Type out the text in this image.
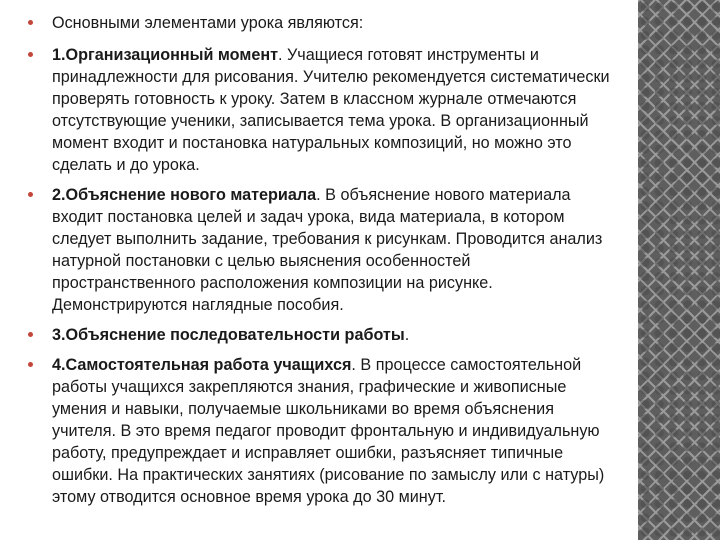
Основными элементами урока являются:
1.Организационный момент. Учащиеся готовят инструменты и принадлежности для рисования. Учителю рекомендуется систематически проверять готовность к уроку. Затем в классном журнале отмечаются отсутствующие ученики, записывается тема урока. В организационный момент входит и постановка натуральных композиций, но можно это сделать и до урока.
2.Объяснение нового материала. В объяснение нового материала входит постановка целей и задач урока, вида материала, в котором следует выполнить задание, требования к рисункам. Проводится анализ натурной постановки с целью выяснения особенностей пространственного расположения композиции на рисунке. Демонстрируются наглядные пособия.
3.Объяснение последовательности работы.
4.Самостоятельная работа учащихся. В процессе самостоятельной работы учащихся закрепляются знания, графические и живописные умения и навыки, получаемые школьниками во время объяснения учителя. В это время педагог проводит фронтальную и индивидуальную работу, предупреждает и исправляет ошибки, разъясняет типичные ошибки. На практических занятиях (рисование по замыслу или с натуры) этому отводится основное время урока до 30 минут.
